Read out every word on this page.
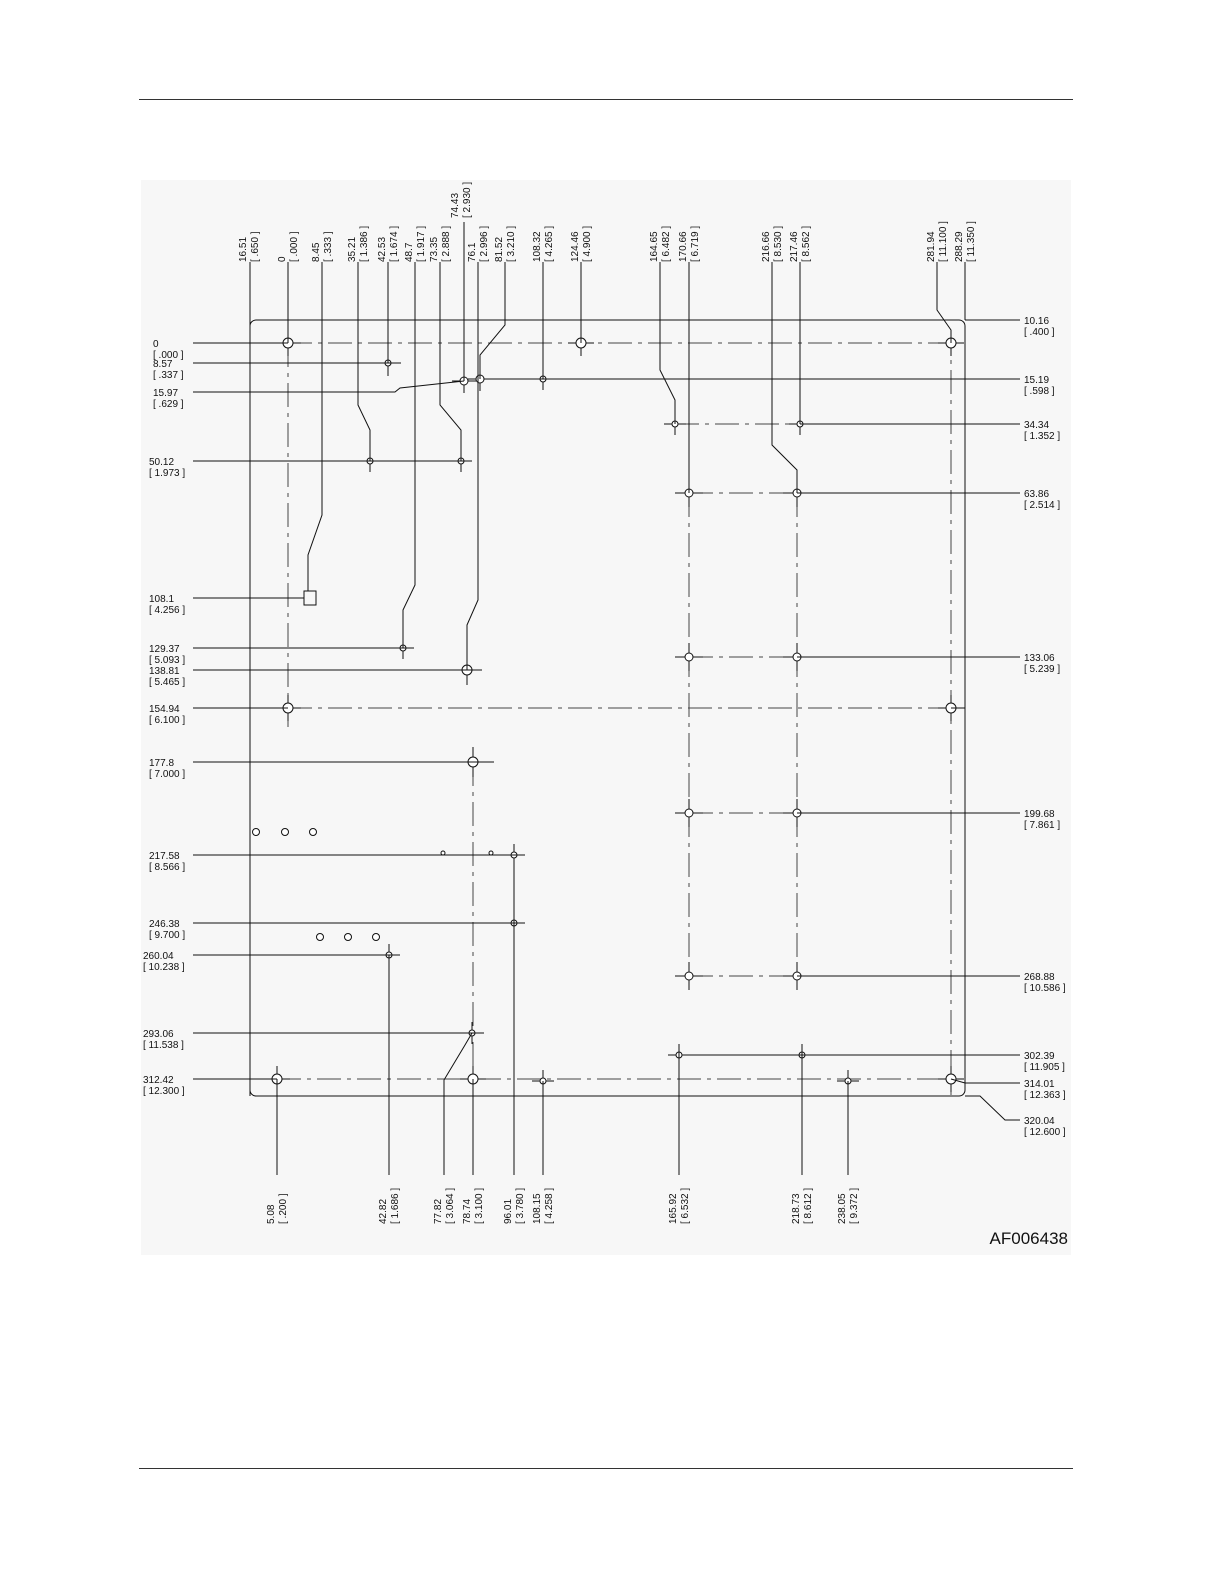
16.51 [ .650 ] 0 [ .000 ] 8.45 [ .333 ] 35.21 [ 1.386 ] 42.53 [ 1.674 ] 48.7 [ 1.917 ] 73.35 [ 2.888 ]
74.43 [ 2.930 ]
76.1 [ 2.996 ] 81.52 [ 3.210 ] 108.32 [ 4.265 ] 124.46 [ 4.900 ]	164.65 [ 6.482 ] 170.66 [ 6.719 ]	216.66 [ 8.530 ] 217.46 [ 8.562 ]	281.94 [ 11.100 ] 288.29 [ 11.350 ]
0
[ .000 ]
8.57
[ .337 ]
15.97
[ .629 ]
50.12
[ 1.973 ]
108.1
[ 4.256 ]
129.37
[ 5.093 ]
138.81
[ 5.465 ]
154.94
[ 6.100 ]
177.8
[ 7.000 ]
217.58
[ 8.566 ]
246.38
[ 9.700 ]
260.04
[ 10.238 ]
293.06
[ 11.538 ]
312.42
[ 12.300 ]
10.16
[ .400 ]
15.19
[ .598 ]
34.34
[ 1.352 ]
63.86
[ 2.514 ]
133.06
[ 5.239 ]
199.68
[ 7.861 ]
268.88
[ 10.586 ]
302.39
[ 11.905 ]
314.01
[ 12.363 ]
320.04
[ 12.600 ]
5.08 [ .200 ]	42.82 [ 1.686 ]	77.82 [ 3.064 ] 78.74 [ 3.100 ] 96.01 [ 3.780 ] 108.15 [ 4.258 ]	165.92 [ 6.532 ]	218.73 [ 8.612 ] 238.05 [ 9.372 ]
AF006438
